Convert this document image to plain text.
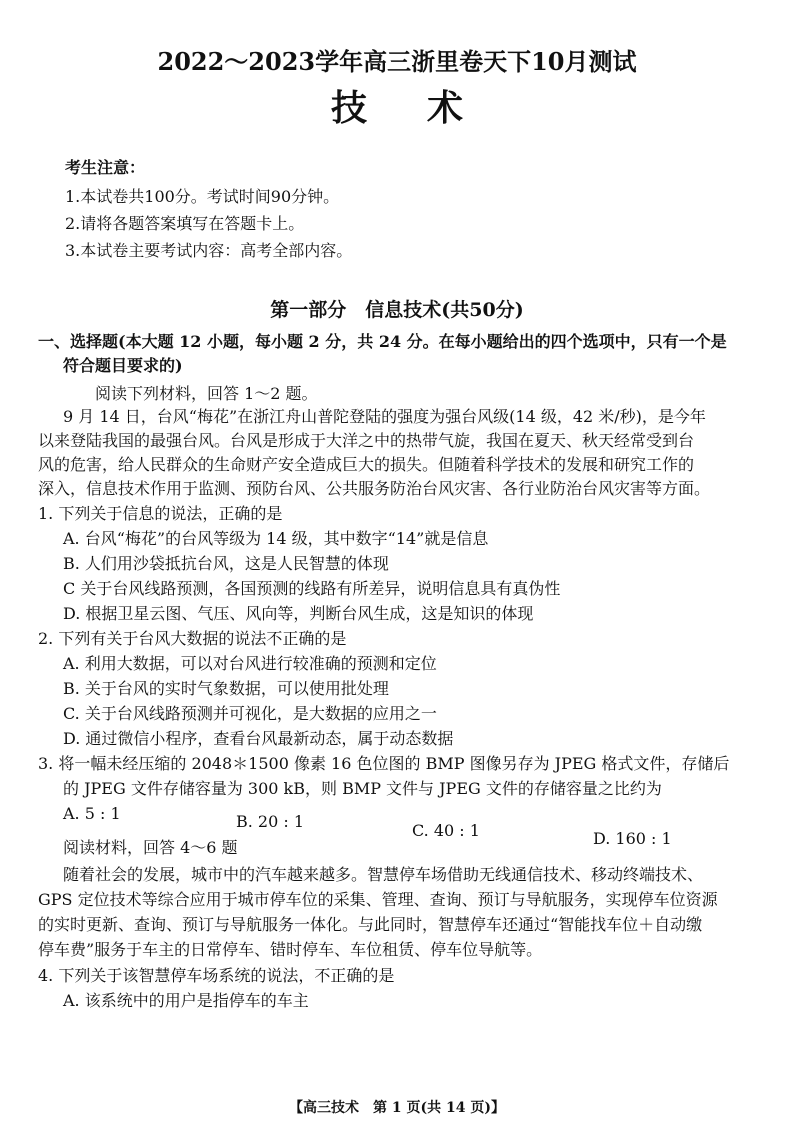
2022～2023学年高三浙里卷天下10月测试
技术
考生注意：
1.本试卷共100分。考试时间90分钟。
2.请将各题答案填写在答题卡上。
3.本试卷主要考试内容：高考全部内容。
第一部分　信息技术(共50分)
一、选择题(本大题 12 小题，每小题 2 分，共 24 分。在每小题给出的四个选项中，只有一个是
符合题目要求的)
阅读下列材料，回答 1～2 题。
9 月 14 日，台风“梅花”在浙江舟山普陀登陆的强度为强台风级(14 级，42 米/秒)，是今年
以来登陆我国的最强台风。台风是形成于大洋之中的热带气旋，我国在夏天、秋天经常受到台
风的危害，给人民群众的生命财产安全造成巨大的损失。但随着科学技术的发展和研究工作的
深入，信息技术作用于监测、预防台风、公共服务防治台风灾害、各行业防治台风灾害等方面。
1. 下列关于信息的说法，正确的是
A. 台风“梅花”的台风等级为 14 级，其中数字“14”就是信息
B. 人们用沙袋抵抗台风，这是人民智慧的体现
C 关于台风线路预测，各国预测的线路有所差异，说明信息具有真伪性
D. 根据卫星云图、气压、风向等，判断台风生成，这是知识的体现
2. 下列有关于台风大数据的说法不正确的是
A. 利用大数据，可以对台风进行较准确的预测和定位
B. 关于台风的实时气象数据，可以使用批处理
C. 关于台风线路预测并可视化，是大数据的应用之一
D. 通过微信小程序，查看台风最新动态，属于动态数据
3. 将一幅未经压缩的 2048＊1500 像素 16 色位图的 BMP 图像另存为 JPEG 格式文件，存储后
的 JPEG 文件存储容量为 300 kB，则 BMP 文件与 JPEG 文件的存储容量之比约为
A. 5 : 1	B. 20 : 1	C. 40 : 1	D. 160 : 1
阅读材料，回答 4～6 题
随着社会的发展，城市中的汽车越来越多。智慧停车场借助无线通信技术、移动终端技术、
GPS 定位技术等综合应用于城市停车位的采集、管理、查询、预订与导航服务，实现停车位资源
的实时更新、查询、预订与导航服务一体化。与此同时，智慧停车还通过“智能找车位＋自动缴
停车费”服务于车主的日常停车、错时停车、车位租赁、停车位导航等。
4. 下列关于该智慧停车场系统的说法，不正确的是
A. 该系统中的用户是指停车的车主
【高三技术　第 1 页(共 14 页)】
